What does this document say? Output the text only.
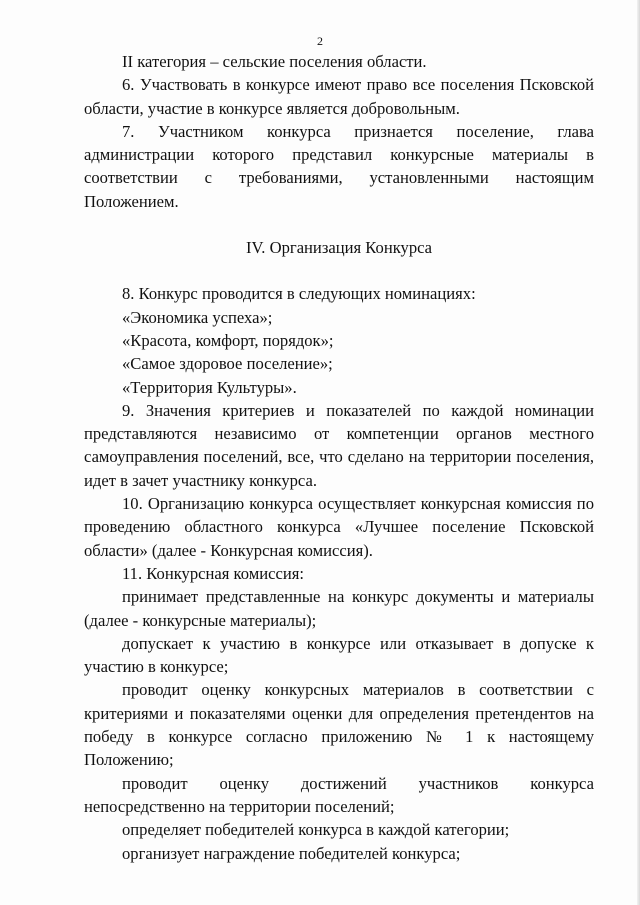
2

II категория – сельские поселения области.

6. Участвовать в конкурсе имеют право все поселения Псковской области, участие в конкурсе является добровольным.

7. Участником конкурса признается поселение, глава администрации которого представил конкурсные материалы в соответствии с требованиями, установленными настоящим Положением.

IV. Организация Конкурса

8. Конкурс проводится в следующих номинациях:

«Экономика успеха»;

«Красота, комфорт, порядок»;

«Самое здоровое поселение»;

«Территория Культуры».

9. Значения критериев и показателей по каждой номинации представляются независимо от компетенции органов местного самоуправления поселений, все, что сделано на территории поселения, идет в зачет участнику конкурса.

10. Организацию конкурса осуществляет конкурсная комиссия по проведению областного конкурса «Лучшее поселение Псковской области» (далее - Конкурсная комиссия).

11. Конкурсная комиссия:

принимает представленные на конкурс документы и материалы (далее - конкурсные материалы);

допускает к участию в конкурсе или отказывает в допуске к участию в конкурсе;

проводит оценку конкурсных материалов в соответствии с критериями и показателями оценки для определения претендентов на победу в конкурсе согласно приложению № 1 к настоящему Положению;

проводит оценку достижений участников конкурса непосредственно на территории поселений;

определяет победителей конкурса в каждой категории;

организует награждение победителей конкурса;
